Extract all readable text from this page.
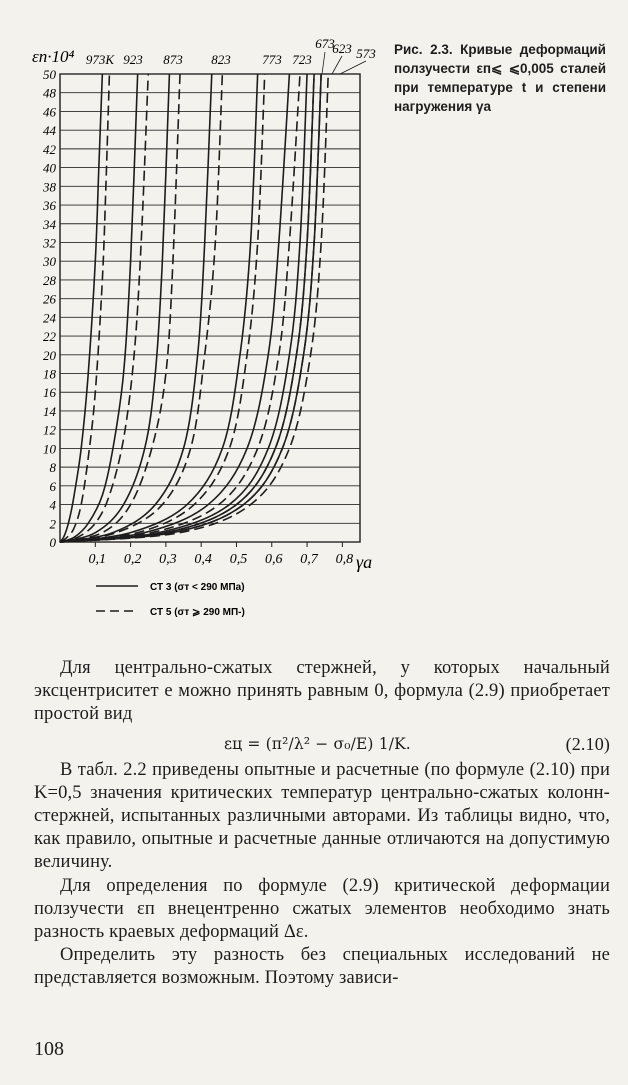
0
2
4
6
8
10
12
14
16
18
20
22
24
26
28
30
32
34
36
38
40
42
44
46
48
50
0,1 0,2 0,3 0,4 0,5 0,6 0,7 0,8
973K 923 873 823 773 723
673
623 573
εп·10⁴
γa
СТ 3 (σт < 290 МПа)
СТ 5 (σт ⩾ 290 МП-)
Рис. 2.3. Кривые деформаций ползучести εп⩽ ⩽0,005 сталей при температуре t и степени нагружения γa

Для центрально-сжатых стержней, у которых начальный эксцентриситет e можно принять равным 0, формула (2.9) приобретает простой вид

εц = (π²/λ² − σ₀/E) 1/K.	(2.10)

В табл. 2.2 приведены опытные и расчетные (по формуле (2.10) при K=0,5 значения критических температур центрально-сжатых колонн-стержней, испытанных различными авторами. Из таблицы видно, что, как правило, опытные и расчетные данные отличаются на допустимую величину.

Для определения по формуле (2.9) критической деформации ползучести εп внецентренно сжатых элементов необходимо знать разность краевых деформаций Δε.

Определить эту разность без специальных исследований не представляется возможным. Поэтому зависи-

108
